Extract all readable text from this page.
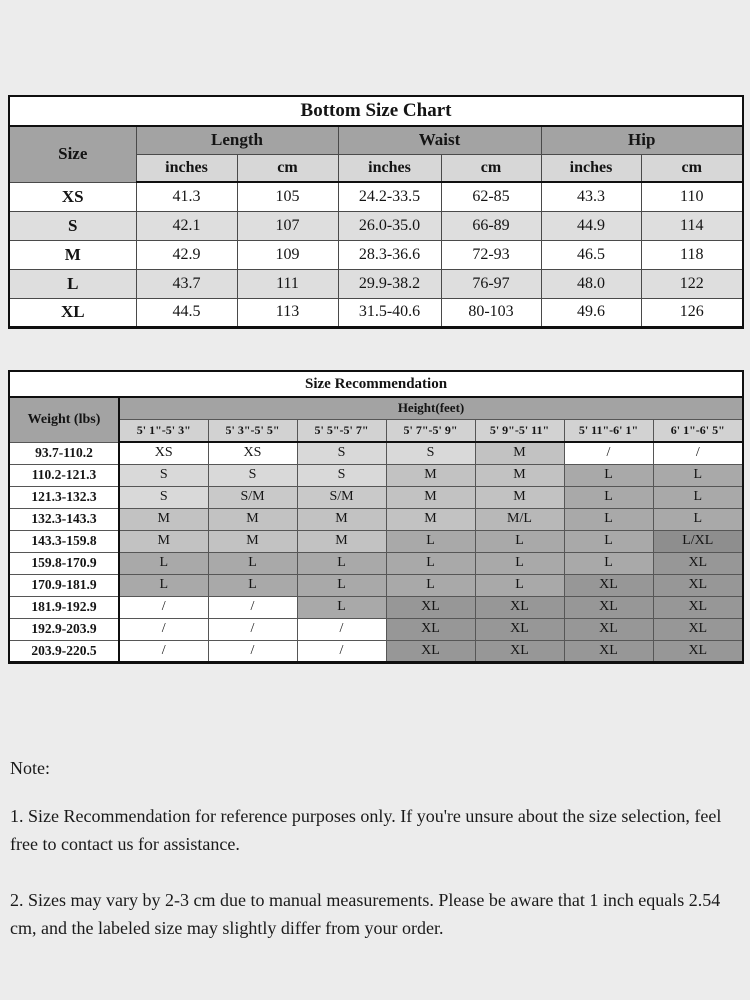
Bottom Size Chart						
Size	Length		Waist		Hip	
	inches	cm	inches	cm	inches	cm
XS	41.3	105	24.2-33.5	62-85	43.3	110
S	42.1	107	26.0-35.0	66-89	44.9	114
M	42.9	109	28.3-36.6	72-93	46.5	118
L	43.7	111	29.9-38.2	76-97	48.0	122
XL	44.5	113	31.5-40.6	80-103	49.6	126
Size Recommendation							
Weight (lbs)	Height(feet)						
	5' 1"-5' 3"	5' 3"-5' 5"	5' 5"-5' 7"	5' 7"-5' 9"	5' 9"-5' 11"	5' 11"-6' 1"	6' 1"-6' 5"
93.7-110.2	XS	XS	S	S	M	/	/
110.2-121.3	S	S	S	M	M	L	L
121.3-132.3	S	S/M	S/M	M	M	L	L
132.3-143.3	M	M	M	M	M/L	L	L
143.3-159.8	M	M	M	L	L	L	L/XL
159.8-170.9	L	L	L	L	L	L	XL
170.9-181.9	L	L	L	L	L	XL	XL
181.9-192.9	/	/	L	XL	XL	XL	XL
192.9-203.9	/	/	/	XL	XL	XL	XL
203.9-220.5	/	/	/	XL	XL	XL	XL

Note:

1. Size Recommendation for reference purposes only. If you're unsure about the size selection, feel free to contact us for assistance.

2. Sizes may vary by 2-3 cm due to manual measurements. Please be aware that 1 inch equals 2.54 cm, and the labeled size may slightly differ from your order.
